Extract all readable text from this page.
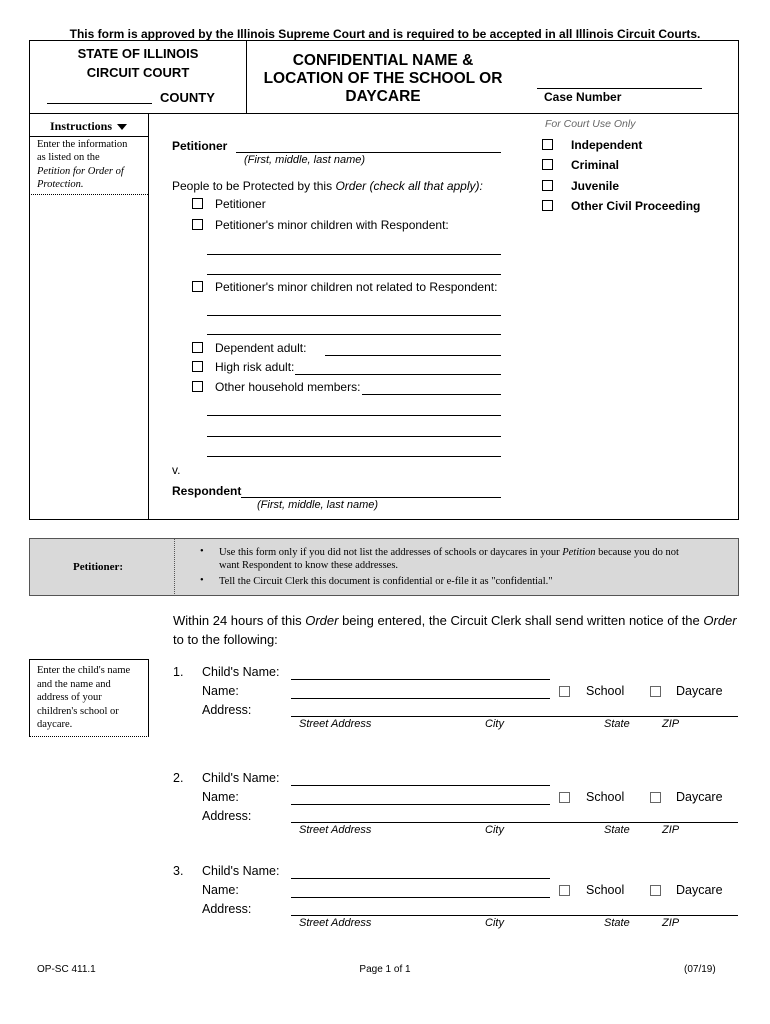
This form is approved by the Illinois Supreme Court and is required to be accepted in all Illinois Circuit Courts.
STATE OF ILLINOIS
CIRCUIT COURT
COUNTY
CONFIDENTIAL NAME &
LOCATION OF THE SCHOOL OR
DAYCARE	Case Number
Instructions
Enter the information
as listed on the
Petition for Order of
Protection.
For Court Use Only
Independent
Criminal
Juvenile
Other Civil Proceeding
Petitioner
(First, middle, last name)
People to be Protected by this Order (check all that apply):
Petitioner
Petitioner's minor children with Respondent:
Petitioner's minor children not related to Respondent:
Dependent adult:
High risk adult:
Other household members:
v.
Respondent
(First, middle, last name)
Petitioner:
• Use this form only if you did not list the addresses of schools or daycares in your Petition because you do not
want Respondent to know these addresses.
• Tell the Circuit Clerk this document is confidential or e-file it as "confidential."
Within 24 hours of this Order being entered, the Circuit Clerk shall send written notice of the Order
to to the following:
Enter the child's name
and the name and
address of your
children's school or
daycare.
1. Child's Name:
Name:	School	Daycare
Address:
Street Address	City	State	ZIP
2. Child's Name:
Name:	School	Daycare
Address:
Street Address	City	State	ZIP
3. Child's Name:
Name:	School	Daycare
Address:
Street Address	City	State	ZIP
OP-SC 411.1	Page 1 of 1	(07/19)
